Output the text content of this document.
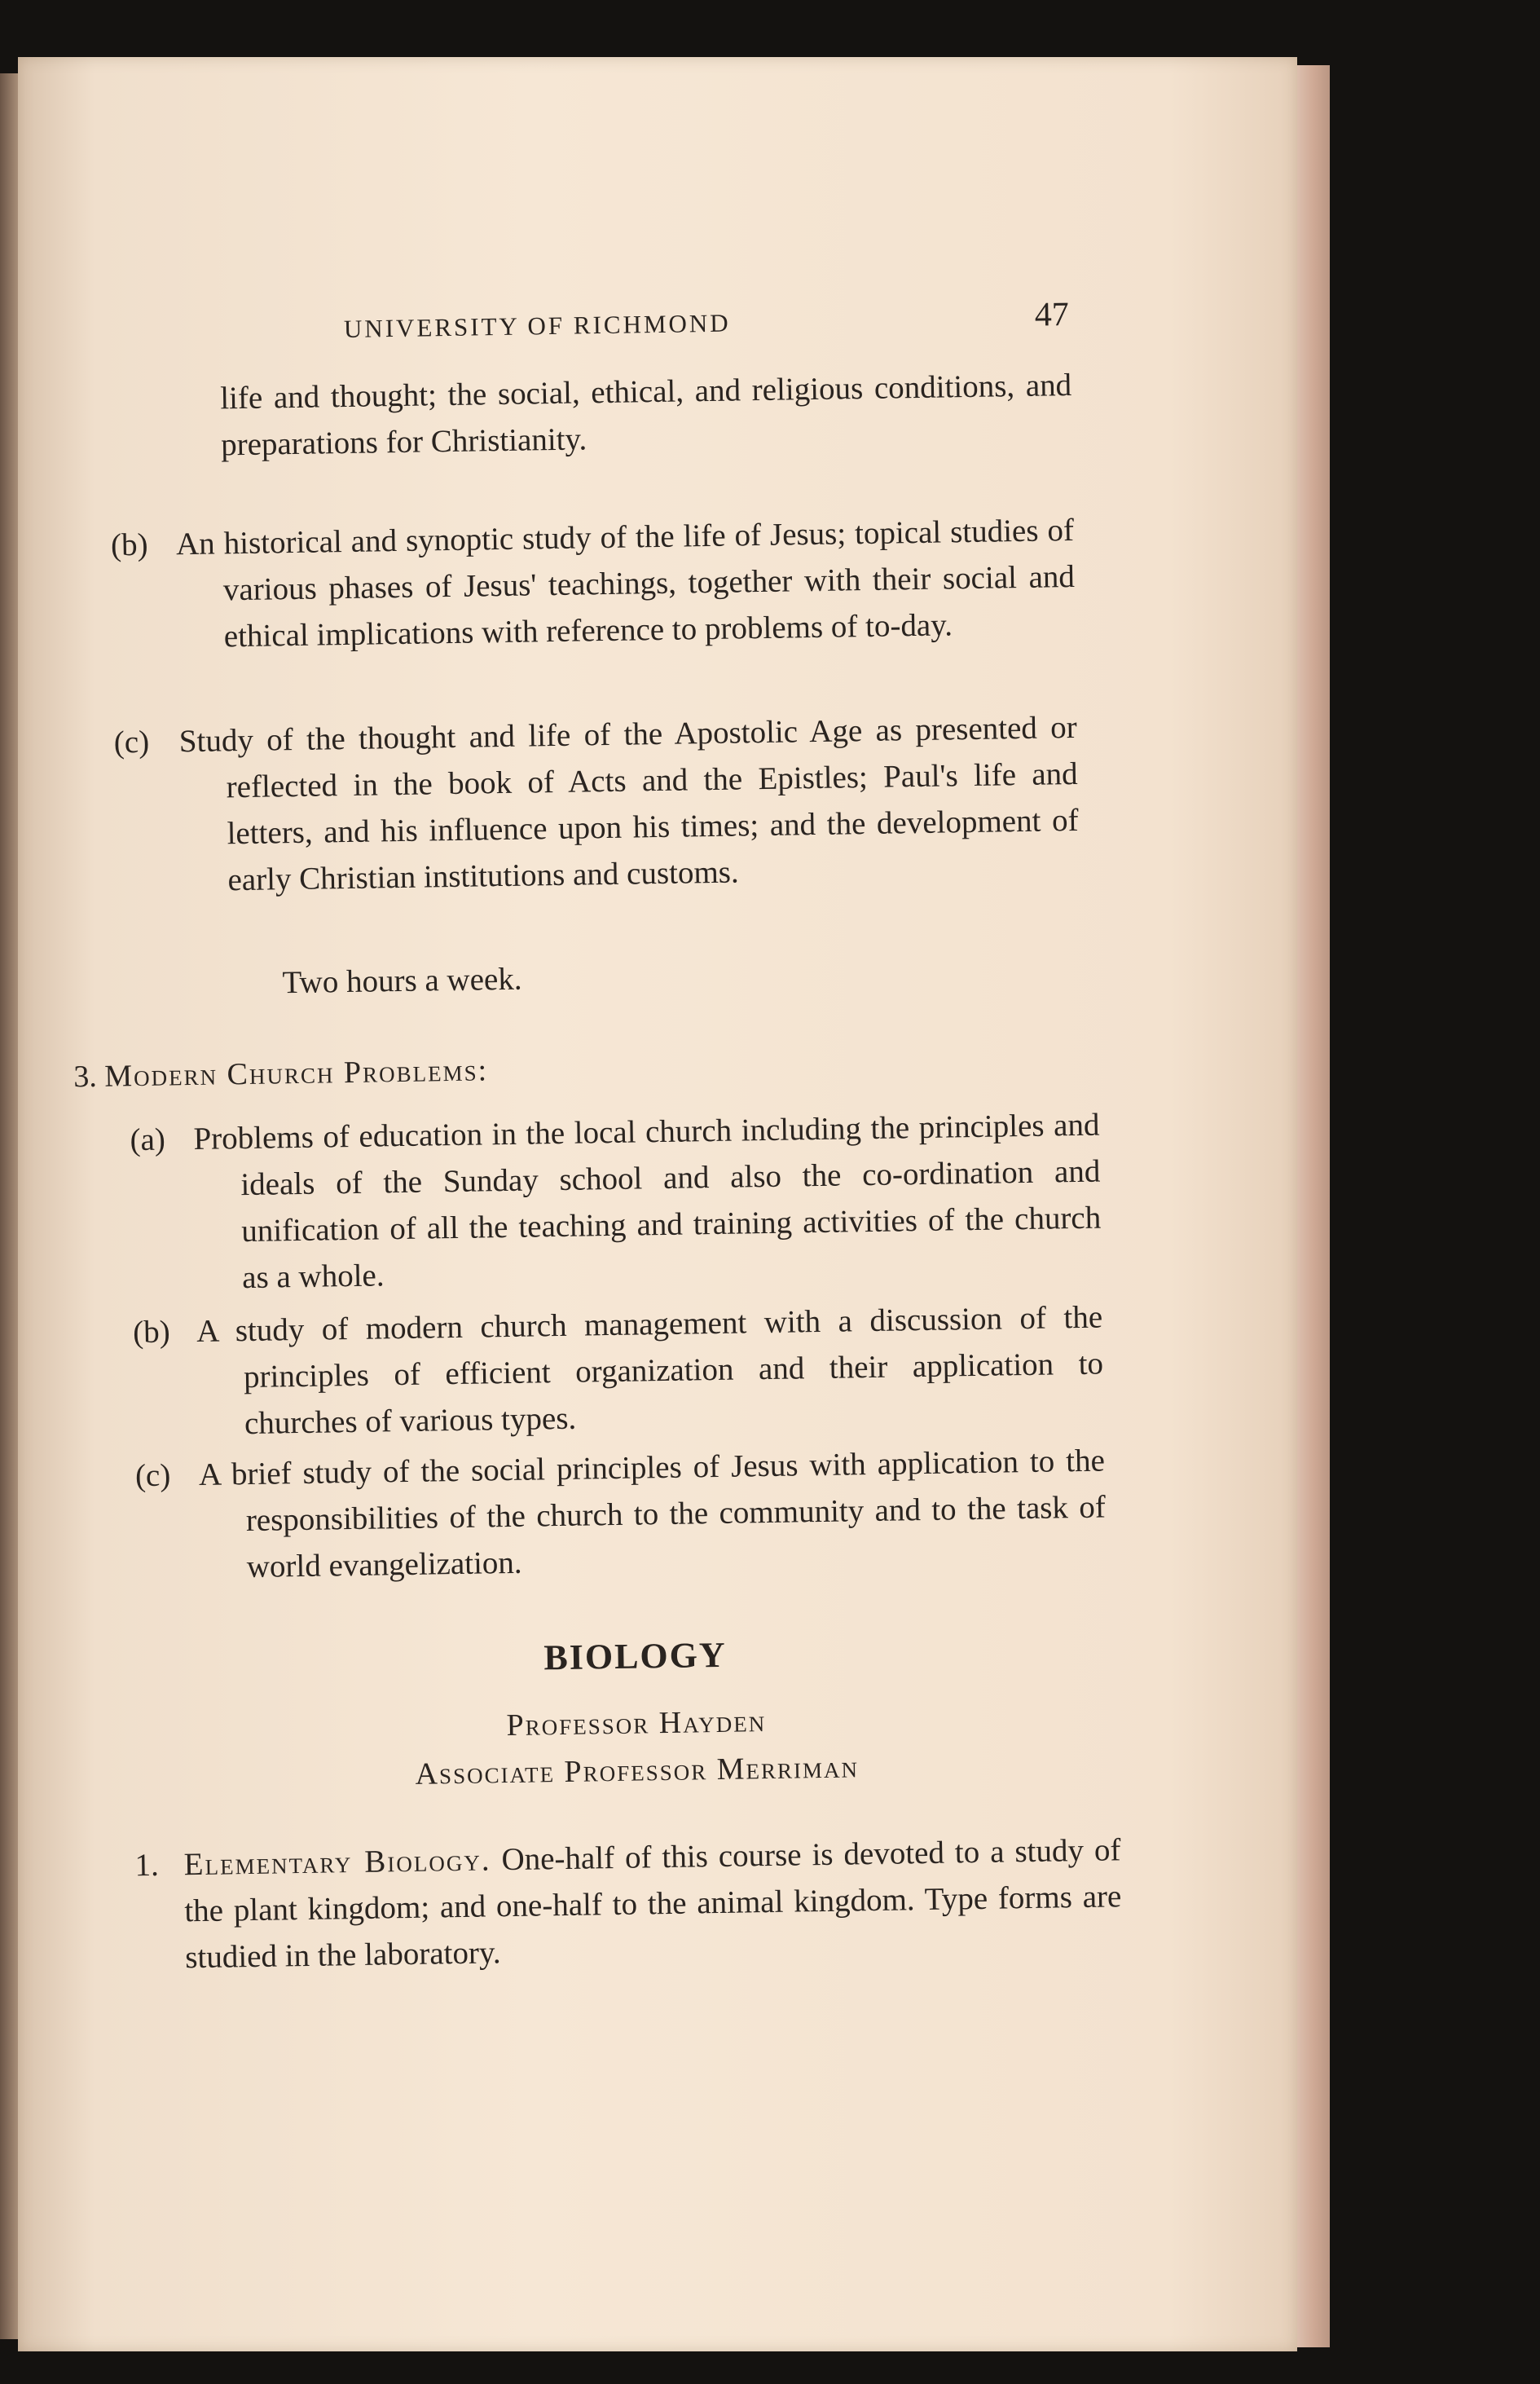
UNIVERSITY OF RICHMOND	47
life and thought; the social, ethical, and religious conditions, and preparations for Christianity.
(b) An historical and synoptic study of the life of Jesus; topical studies of various phases of Jesus' teachings, together with their social and ethical implications with reference to problems of to-day.
(c) Study of the thought and life of the Apostolic Age as presented or reflected in the book of Acts and the Epistles; Paul's life and letters, and his influence upon his times; and the development of early Christian institutions and customs.
Two hours a week.
3. Modern Church Problems:
(a) Problems of education in the local church including the principles and ideals of the Sunday school and also the co-ordination and unification of all the teaching and training activities of the church as a whole.
(b) A study of modern church management with a discussion of the principles of efficient organization and their application to churches of various types.
(c) A brief study of the social principles of Jesus with application to the responsibilities of the church to the community and to the task of world evangelization.
BIOLOGY
Professor Hayden
Associate Professor Merriman
1. Elementary Biology. One-half of this course is devoted to a study of the plant kingdom; and one-half to the animal kingdom. Type forms are studied in the laboratory.
